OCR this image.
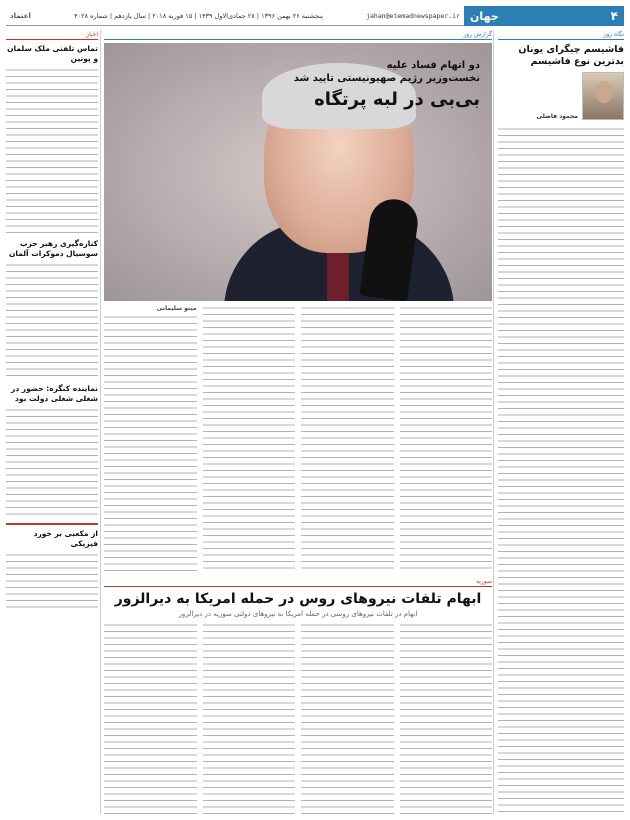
اعتماد	پنجشنبه ۲۶ بهمن ۱۳۹۶ | ۲۸ جمادی‌الاول ۱۴۳۹ | ۱۵ فوریه ۲۰۱۸ | سال یازدهم | شماره ۴۰۲۸	jahan@etemadnewspaper.ir	۴
جهان
نگاه روز
فاشیسم چیگرای یونان بدترین نوع فاشیسم
محمود فاضلی
گزارش روز
دو اتهام فساد علیه
نخست‌وزیر رژیم صهیونیستی تایید شد
بی‌بی در لبه پرتگاه
مینو سلیمانی
سوریه
ابهام تلفات نیروهای روس در حمله امریکا به دیرالزور
ابهام در تلفات نیروهای روسی در حمله امریکا به نیروهای دولتی سوریه در دیرالزور
اخبار
تماس تلفنی ملک سلمان و پوتین
کناره‌گیری رهبر حزب سوسیال دموکرات آلمان
نماینده کنگره: حضور در شغلی شغلی دولت بود
از مکعبی بر خورد فیزیکی
